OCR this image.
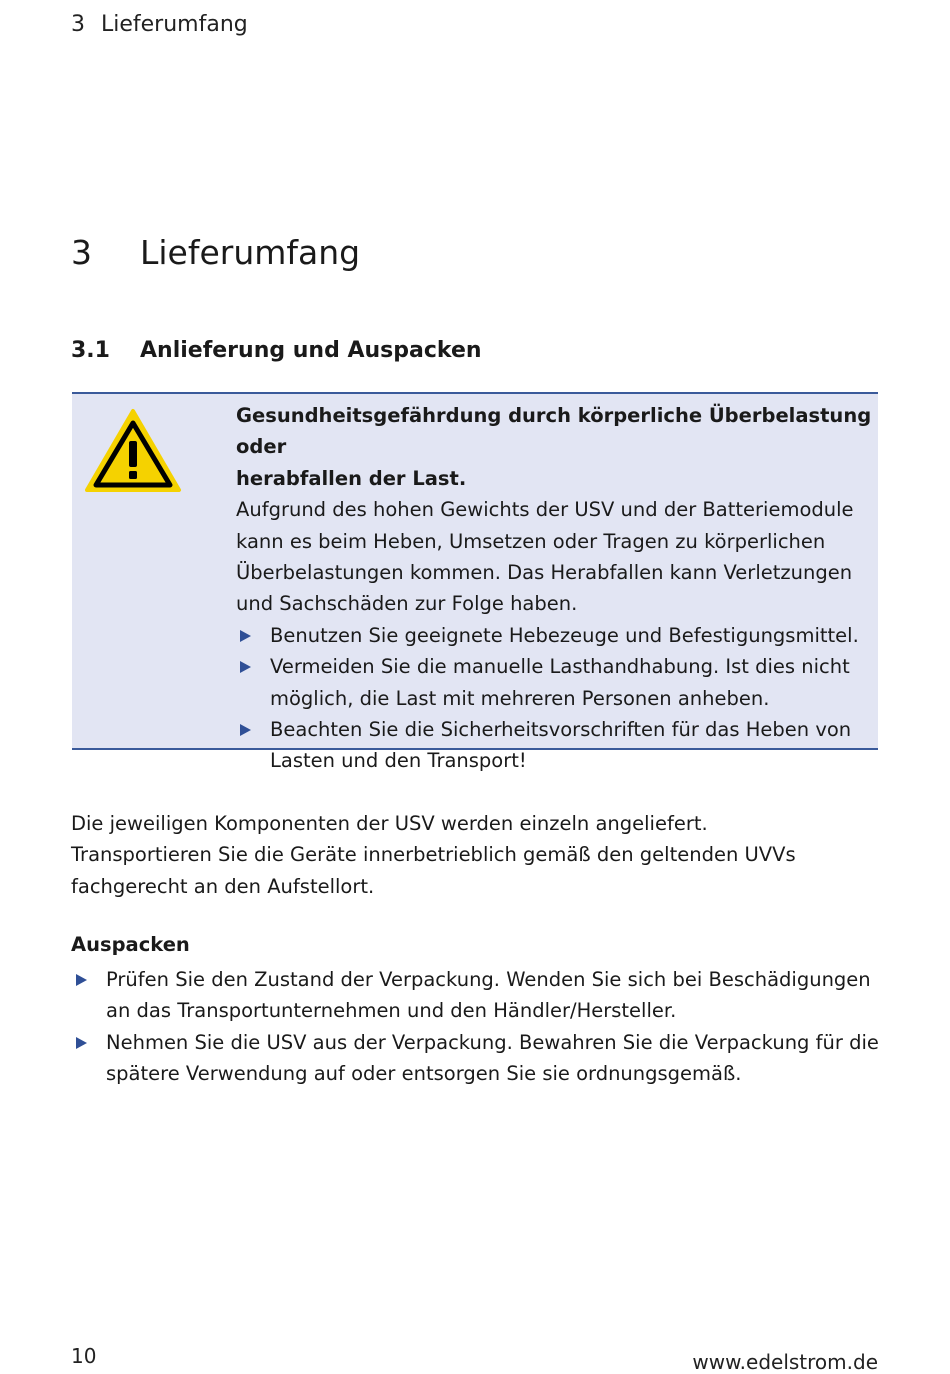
3 Lieferumfang
3 Lieferumfang
3.1 Anlieferung und Auspacken
Gesundheitsgefährdung durch körperliche Überbelastung oder
herabfallen der Last.
Aufgrund des hohen Gewichts der USV und der Batteriemodule
kann es beim Heben, Umsetzen oder Tragen zu körperlichen
Überbelastungen kommen. Das Herabfallen kann Verletzungen
und Sachschäden zur Folge haben.
Benutzen Sie geeignete Hebezeuge und Befestigungsmittel.
Vermeiden Sie die manuelle Lasthandhabung. Ist dies nicht
möglich, die Last mit mehreren Personen anheben.
Beachten Sie die Sicherheitsvorschriften für das Heben von
Lasten und den Transport!
Die jeweiligen Komponenten der USV werden einzeln angeliefert.
Transportieren Sie die Geräte innerbetrieblich gemäß den geltenden UVVs
fachgerecht an den Aufstellort.
Auspacken
Prüfen Sie den Zustand der Verpackung. Wenden Sie sich bei Beschädigungen
an das Transportunternehmen und den Händler/Hersteller.
Nehmen Sie die USV aus der Verpackung. Bewahren Sie die Verpackung für die
spätere Verwendung auf oder entsorgen Sie sie ordnungsgemäß.
10	www.edelstrom.de
